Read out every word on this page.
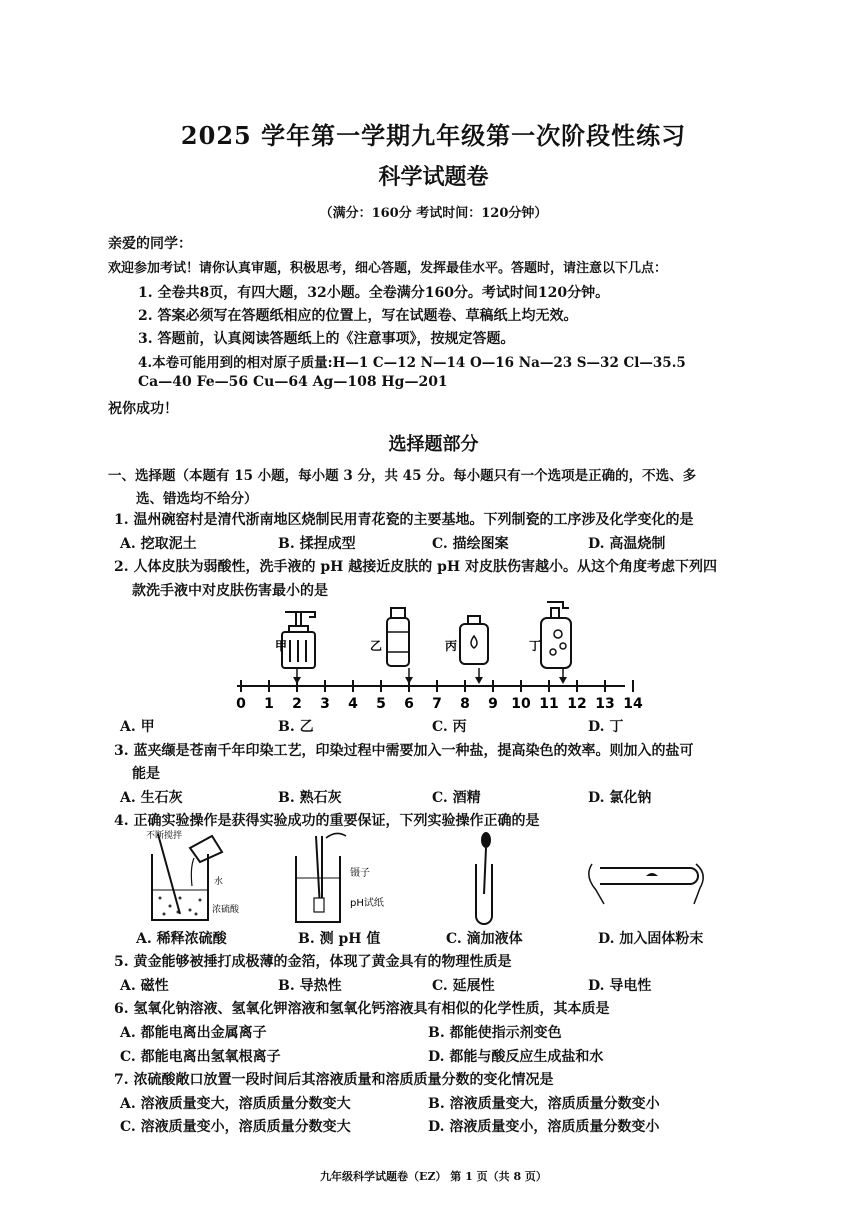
2025 学年第一学期九年级第一次阶段性练习
科学试题卷
（满分：160分 考试时间：120分钟）
亲爱的同学：
欢迎参加考试！请你认真审题，积极思考，细心答题，发挥最佳水平。答题时，请注意以下几点：
1. 全卷共8页，有四大题，32小题。全卷满分160分。考试时间120分钟。
2. 答案必须写在答题纸相应的位置上，写在试题卷、草稿纸上均无效。
3. 答题前，认真阅读答题纸上的《注意事项》，按规定答题。
4.本卷可能用到的相对原子质量:H—1 C—12 N—14 O—16 Na—23 S—32 Cl—35.5
Ca—40 Fe—56 Cu—64 Ag—108 Hg—201
祝你成功！
选择题部分
一、选择题（本题有 15 小题，每小题 3 分，共 45 分。每小题只有一个选项是正确的，不选、多
选、错选均不给分）
1. 温州碗窑村是清代浙南地区烧制民用青花瓷的主要基地。下列制瓷的工序涉及化学变化的是
A. 挖取泥土	B. 揉捏成型	C. 描绘图案	D. 高温烧制
2. 人体皮肤为弱酸性，洗手液的 pH 越接近皮肤的 pH 对皮肤伤害越小。从这个角度考虑下列四
款洗手液中对皮肤伤害最小的是
甲	乙	丙	丁
0 1 2 3 4 5 6 7 8 9 10 11 12 13 14
A. 甲	B. 乙	C. 丙	D. 丁
3. 蓝夹缬是苍南千年印染工艺，印染过程中需要加入一种盐，提高染色的效率。则加入的盐可
能是
A. 生石灰	B. 熟石灰	C. 酒精	D. 氯化钠
4. 正确实验操作是获得实验成功的重要保证，下列实验操作正确的是
不断搅拌
水
浓硫酸
镊子
pH试纸
A. 稀释浓硫酸	B. 测 pH 值	C. 滴加液体	D. 加入固体粉末
5. 黄金能够被捶打成极薄的金箔，体现了黄金具有的物理性质是
A. 磁性	B. 导热性	C. 延展性	D. 导电性
6. 氢氧化钠溶液、氢氧化钾溶液和氢氧化钙溶液具有相似的化学性质，其本质是
A. 都能电离出金属离子	B. 都能使指示剂变色
C. 都能电离出氢氧根离子	D. 都能与酸反应生成盐和水
7. 浓硫酸敞口放置一段时间后其溶液质量和溶质质量分数的变化情况是
A. 溶液质量变大，溶质质量分数变大	B. 溶液质量变大，溶质质量分数变小
C. 溶液质量变小，溶质质量分数变大	D. 溶液质量变小，溶质质量分数变小
九年级科学试题卷（EZ） 第 1 页（共 8 页）
